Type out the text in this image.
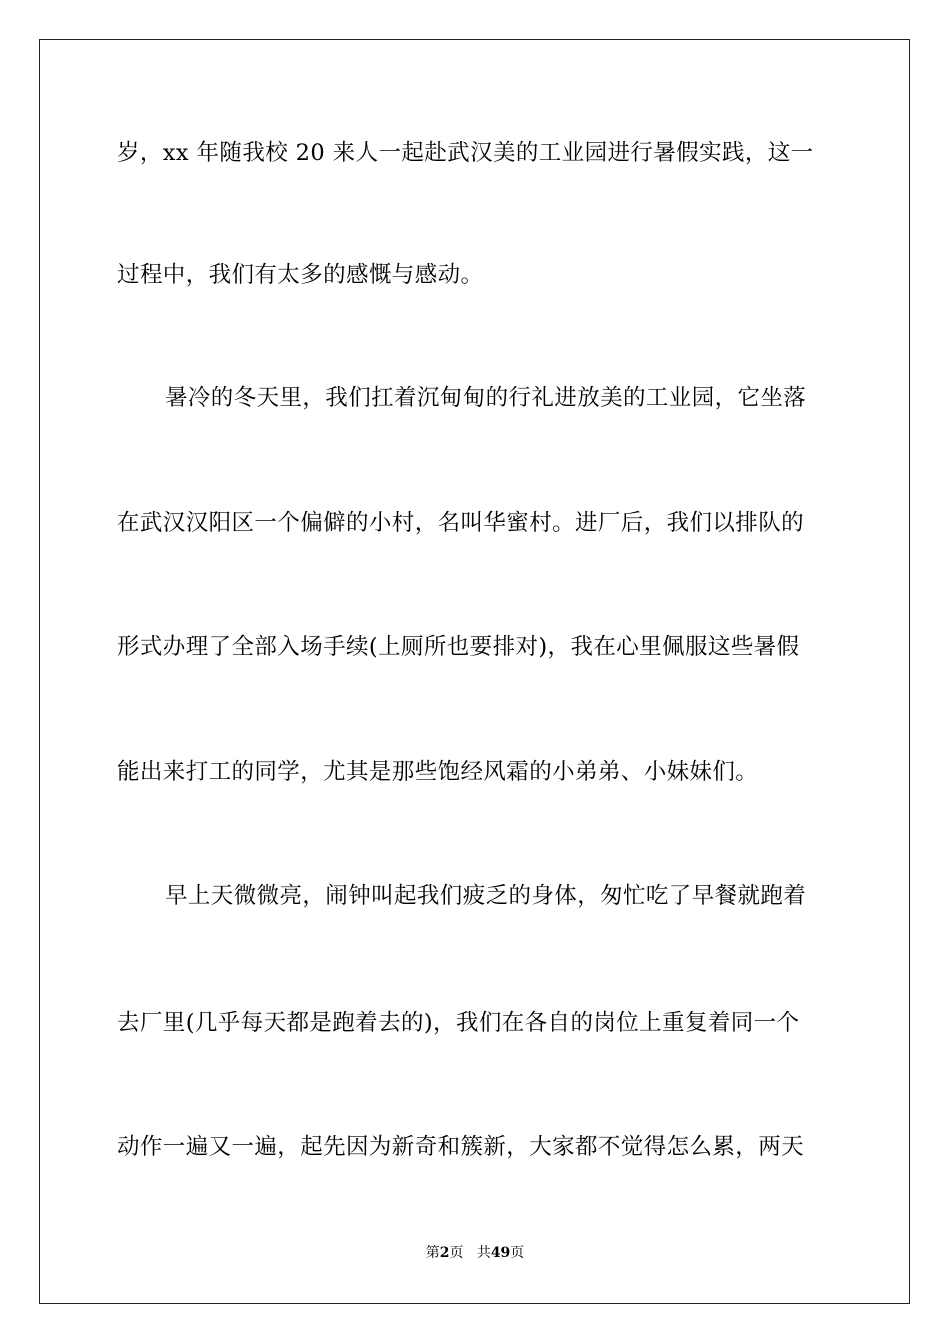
岁，xx 年随我校 20 来人一起赴武汉美的工业园进行暑假实践，这一
过程中，我们有太多的感慨与感动。
暑冷的冬天里，我们扛着沉甸甸的行礼进放美的工业园，它坐落
在武汉汉阳区一个偏僻的小村，名叫华蜜村。进厂后，我们以排队的
形式办理了全部入场手续(上厕所也要排对)，我在心里佩服这些暑假
能出来打工的同学，尤其是那些饱经风霜的小弟弟、小妹妹们。
早上天微微亮，闹钟叫起我们疲乏的身体，匆忙吃了早餐就跑着
去厂里(几乎每天都是跑着去的)，我们在各自的岗位上重复着同一个
动作一遍又一遍，起先因为新奇和簇新，大家都不觉得怎么累，两天
第2页 共49页
